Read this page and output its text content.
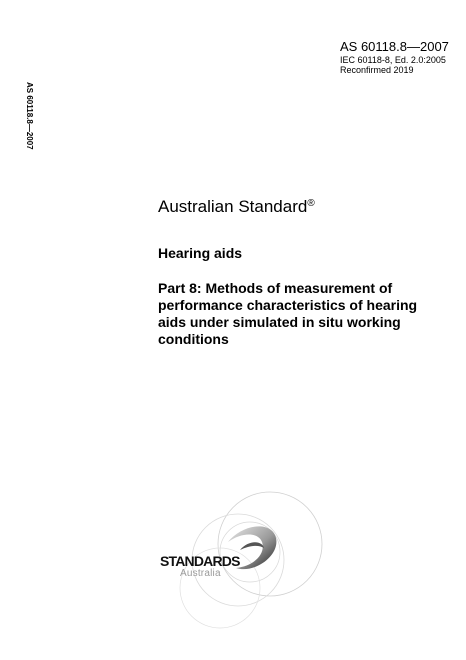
AS 60118.8—2007
IEC 60118-8, Ed. 2.0:2005
Reconfirmed 2019
AS 60118.8—2007
Australian Standard®
Hearing aids
Part 8: Methods of measurement of performance characteristics of hearing aids under simulated in situ working conditions
STANDARDS
Australia
